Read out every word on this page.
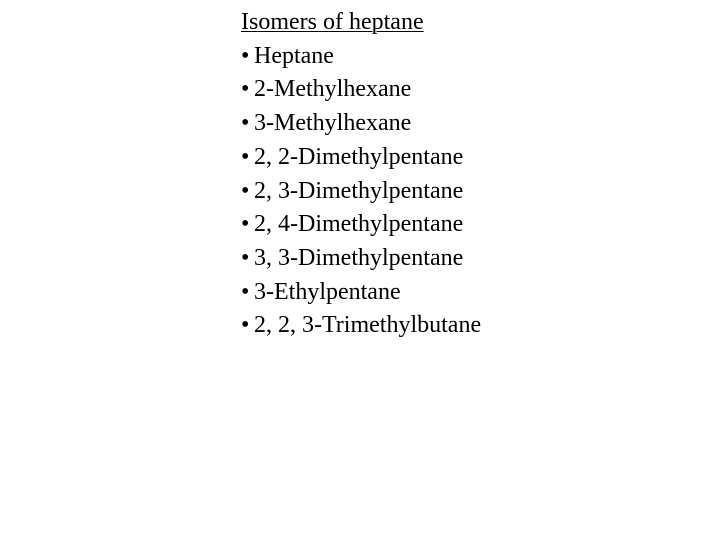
Isomers of heptane
• Heptane
• 2-Methylhexane
• 3-Methylhexane
• 2, 2-Dimethylpentane
• 2, 3-Dimethylpentane
• 2, 4-Dimethylpentane
• 3, 3-Dimethylpentane
• 3-Ethylpentane
• 2, 2, 3-Trimethylbutane
